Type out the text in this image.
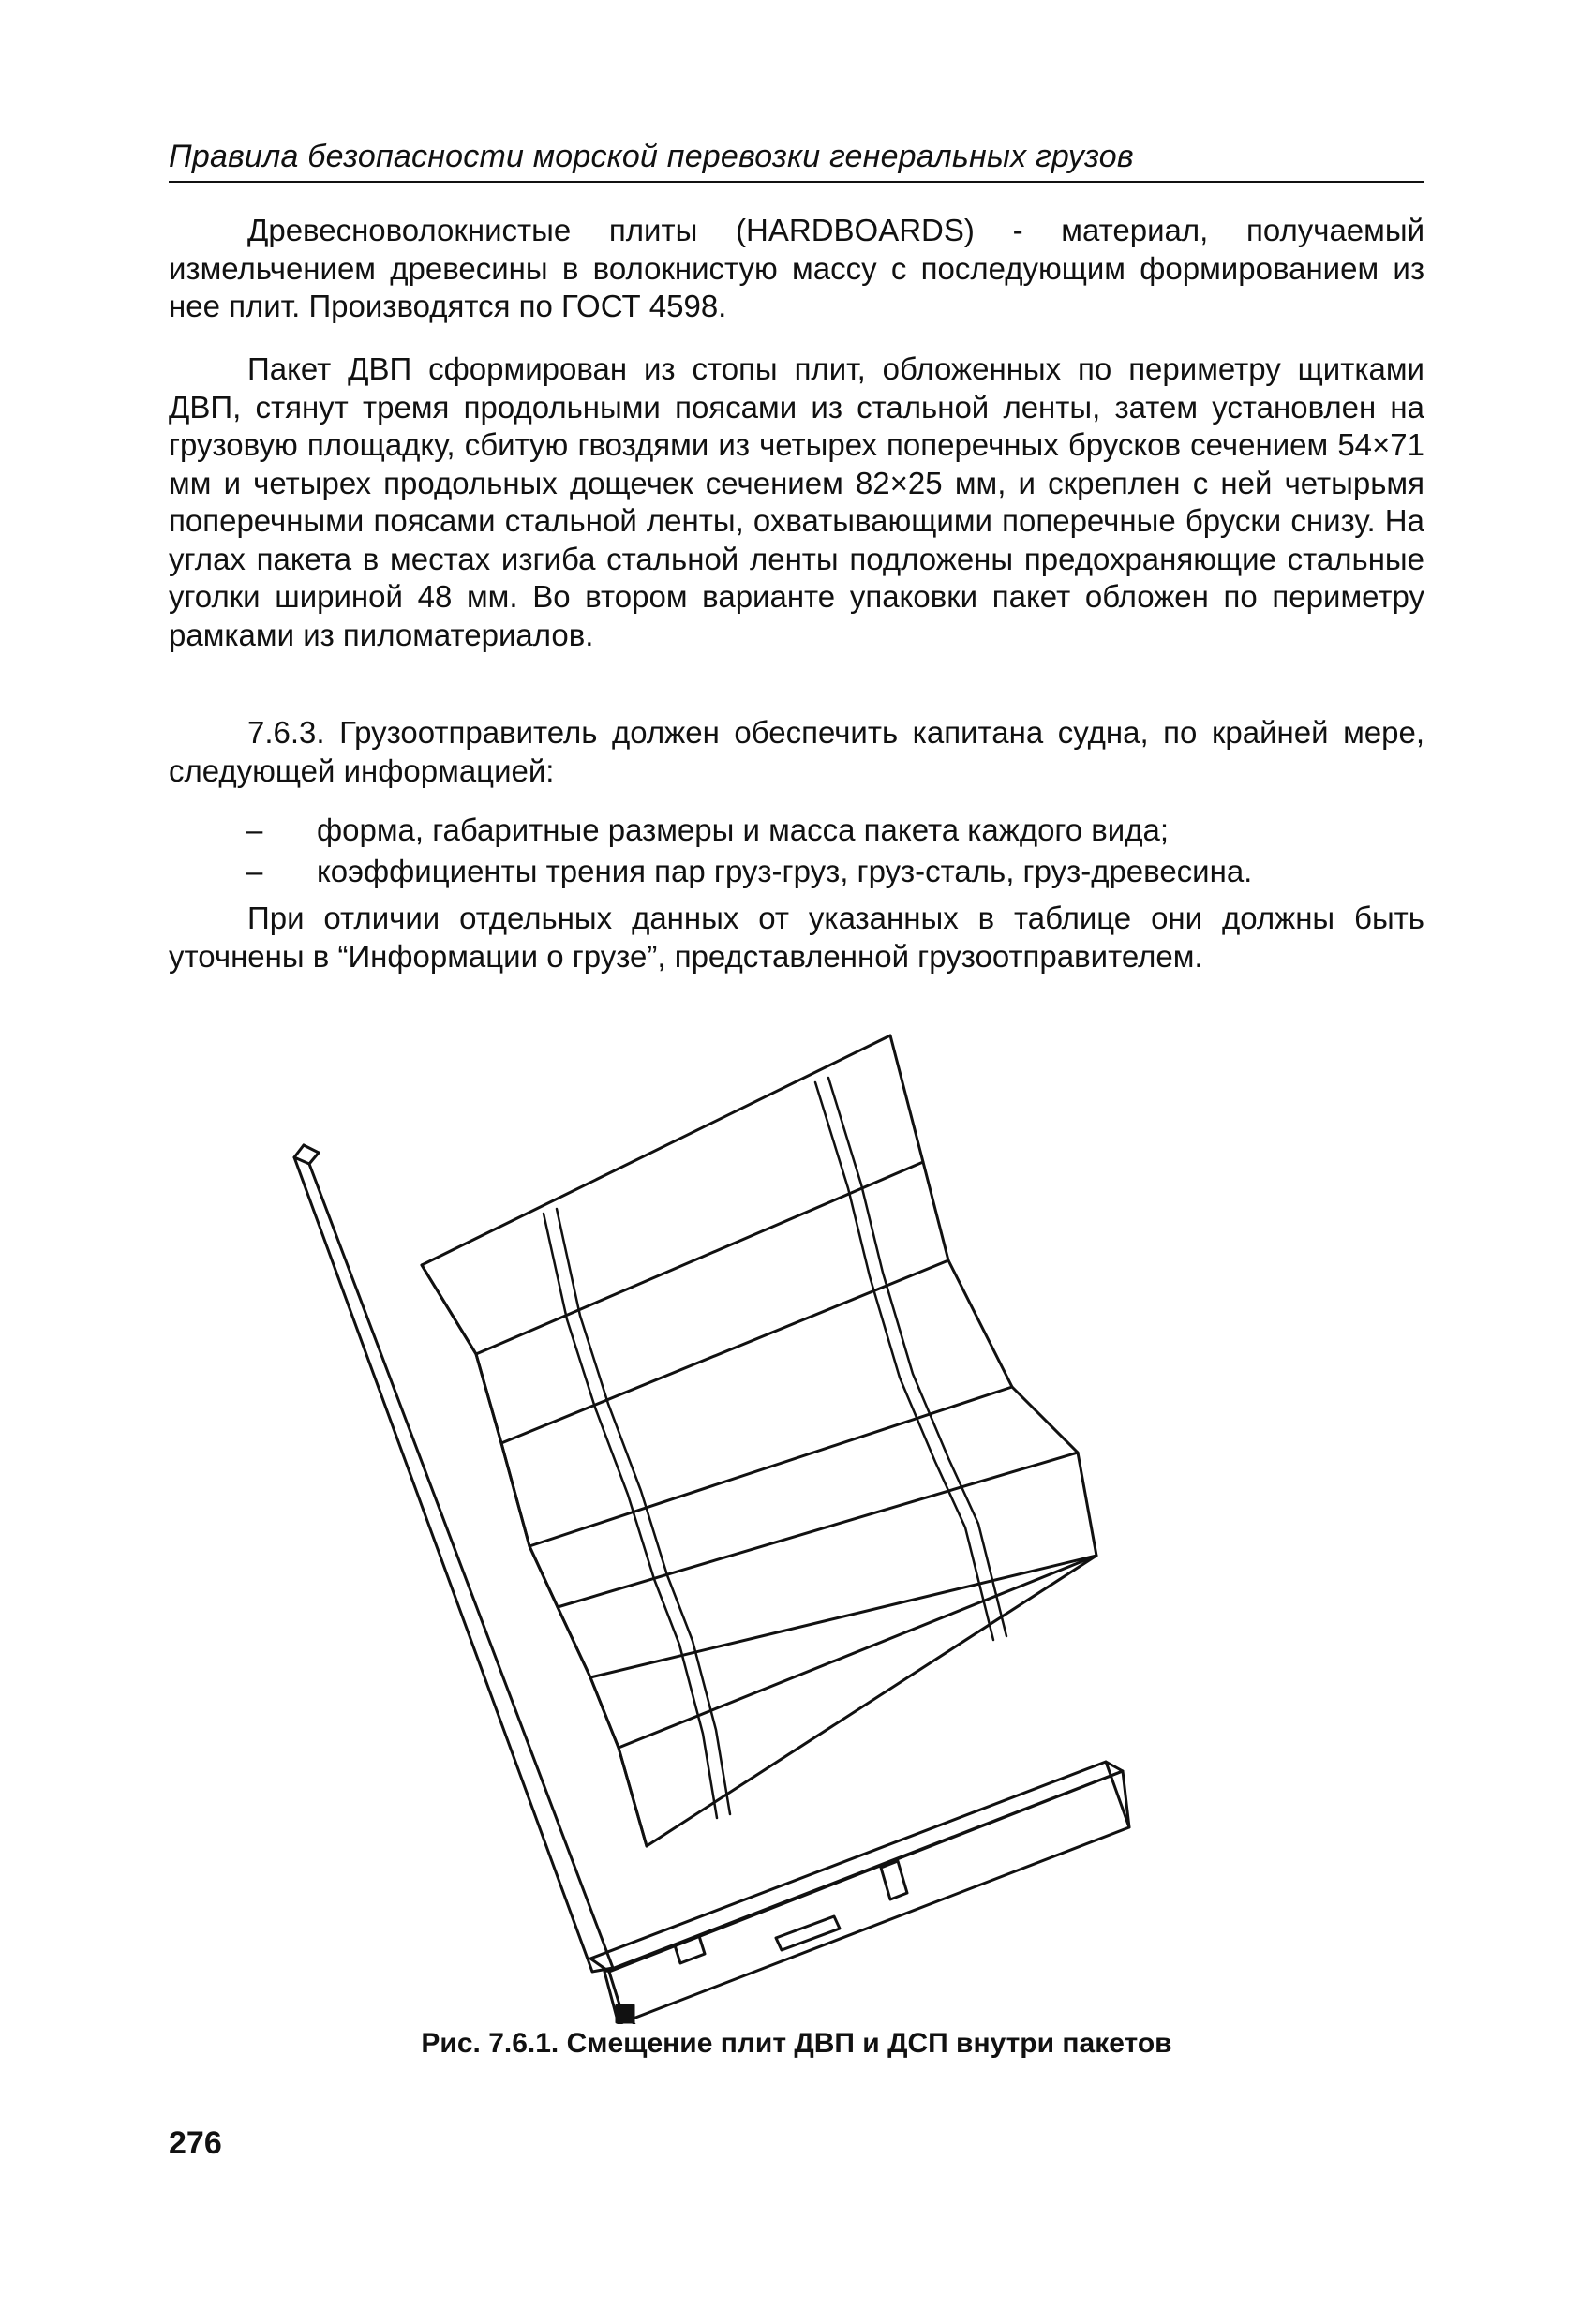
Правила безопасности морской перевозки генеральных грузов

Древесноволокнистые плиты (HARDBOARDS) - материал, получаемый измельчением древесины в волокнистую массу с последующим формированием из нее плит. Производятся по ГОСТ 4598.

Пакет ДВП сформирован из стопы плит, обложенных по периметру щитками ДВП, стянут тремя продольными поясами из стальной ленты, затем установлен на грузовую площадку, сбитую гвоздями из четырех поперечных брусков сечением 54×71 мм и четырех продольных дощечек сечением 82×25 мм, и скреплен с ней четырьмя поперечными поясами стальной ленты, охватывающими поперечные бруски снизу. На углах пакета в местах изгиба стальной ленты подложены предохраняющие стальные уголки шириной 48 мм. Во втором варианте упаковки пакет обложен по периметру рамками из пиломатериалов.

7.6.3. Грузоотправитель должен обеспечить капитана судна, по крайней мере, следующей информацией:

– форма, габаритные размеры и масса пакета каждого вида;
– коэффициенты трения пар груз-груз, груз-сталь, груз-древесина.

При отличии отдельных данных от указанных в таблице они должны быть уточнены в “Информации о грузе”, представленной грузоотправителем.

Рис. 7.6.1. Смещение плит ДВП и ДСП внутри пакетов
276
